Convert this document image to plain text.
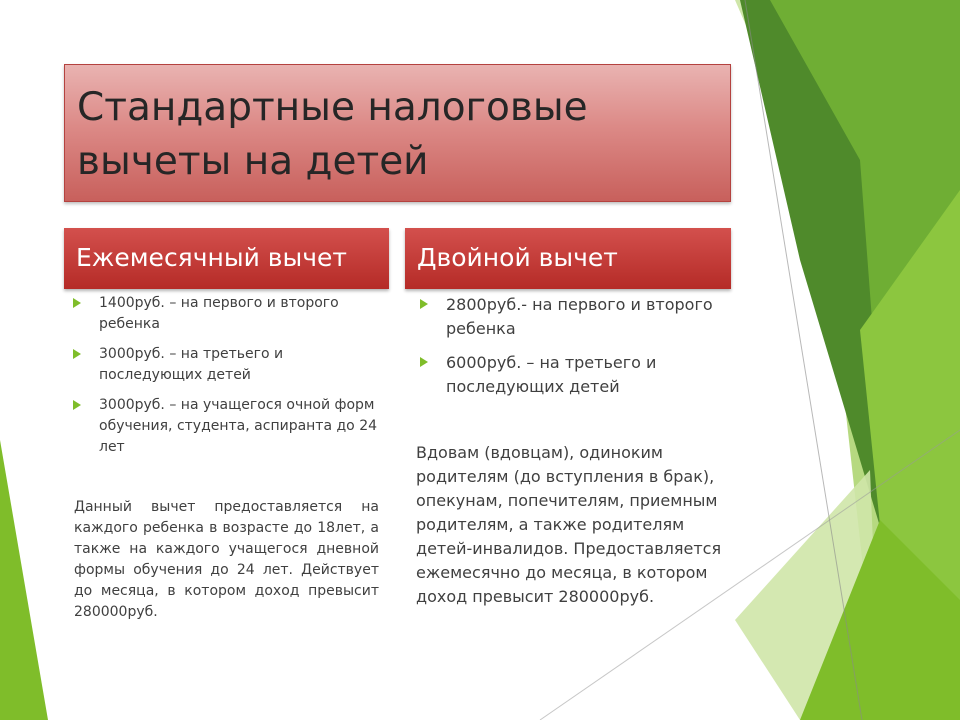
Стандартные налоговые вычеты на детей
Ежемесячный вычет	Двойной вычет
1400руб. – на первого и второго ребенка
3000руб. – на третьего и последующих детей
3000руб. – на учащегося очной форм обучения, студента, аспиранта до 24 лет
2800руб.- на первого и второго ребенка
6000руб. – на третьего и последующих детей

Данный вычет предоставляется на каждого ребенка в возрасте до 18лет, а также на каждого учащегося дневной формы обучения до 24 лет. Действует до месяца, в котором доход превысит 280000руб.

Вдовам (вдовцам), одиноким родителям (до вступления в брак), опекунам, попечителям, приемным родителям, а также родителям детей-инвалидов. Предоставляется ежемесячно до месяца, в котором доход превысит 280000руб.
